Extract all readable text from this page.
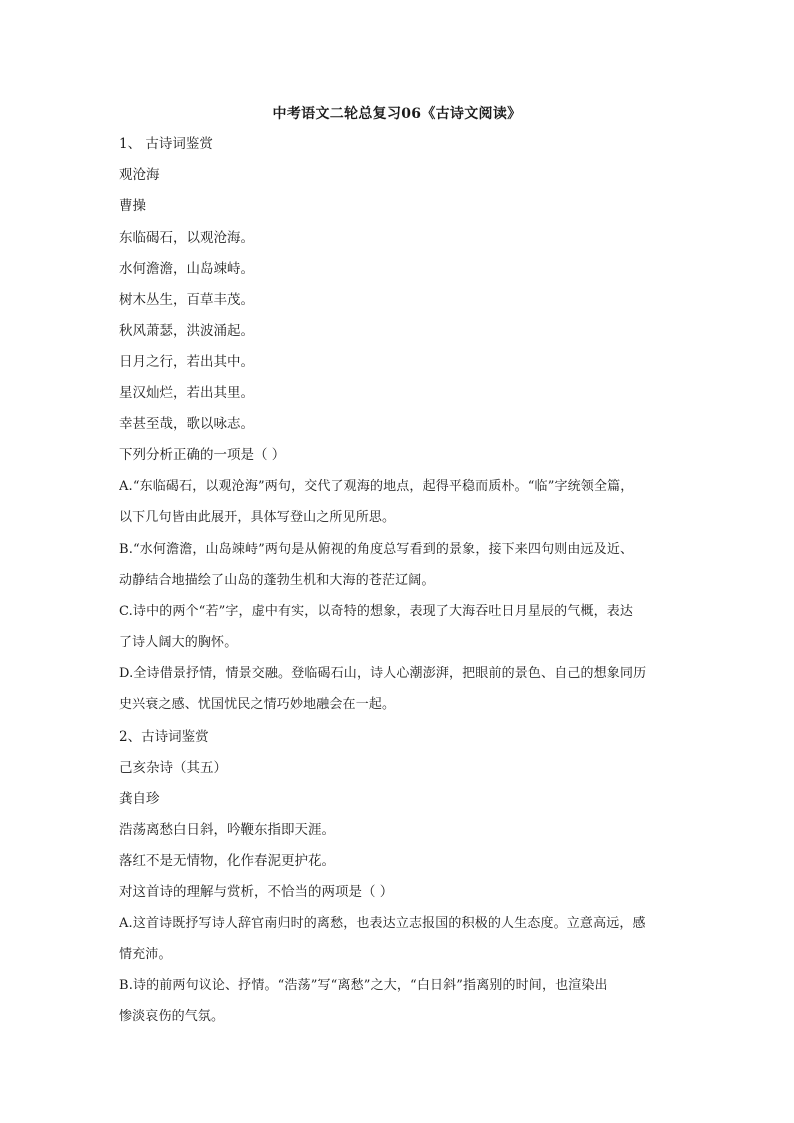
中考语文二轮总复习06《古诗文阅读》
1、 古诗词鉴赏
观沧海
曹操
东临碣石，以观沧海。
水何澹澹，山岛竦峙。
树木丛生，百草丰茂。
秋风萧瑟，洪波涌起。
日月之行，若出其中。
星汉灿烂，若出其里。
幸甚至哉，歌以咏志。
下列分析正确的一项是（ ）
A.“东临碣石，以观沧海”两句，交代了观海的地点，起得平稳而质朴。“临”字统领全篇，
以下几句皆由此展开，具体写登山之所见所思。
B.“水何澹澹，山岛竦峙”两句是从俯视的角度总写看到的景象，接下来四句则由远及近、
动静结合地描绘了山岛的蓬勃生机和大海的苍茫辽阔。
C.诗中的两个“若”字，虚中有实，以奇特的想象，表现了大海吞吐日月星辰的气概，表达
了诗人阔大的胸怀。
D.全诗借景抒情，情景交融。登临碣石山，诗人心潮澎湃，把眼前的景色、自己的想象同历
史兴衰之感、忧国忧民之情巧妙地融会在一起。
2、古诗词鉴赏
己亥杂诗（其五）
龚自珍
浩荡离愁白日斜，吟鞭东指即天涯。
落红不是无情物，化作春泥更护花。
对这首诗的理解与赏析，不恰当的两项是（ ）
A.这首诗既抒写诗人辞官南归时的离愁，也表达立志报国的积极的人生态度。立意高远，感
情充沛。
B.诗的前两句议论、抒情。“浩荡”写“离愁”之大，“白日斜”指离别的时间，也渲染出
惨淡哀伤的气氛。
